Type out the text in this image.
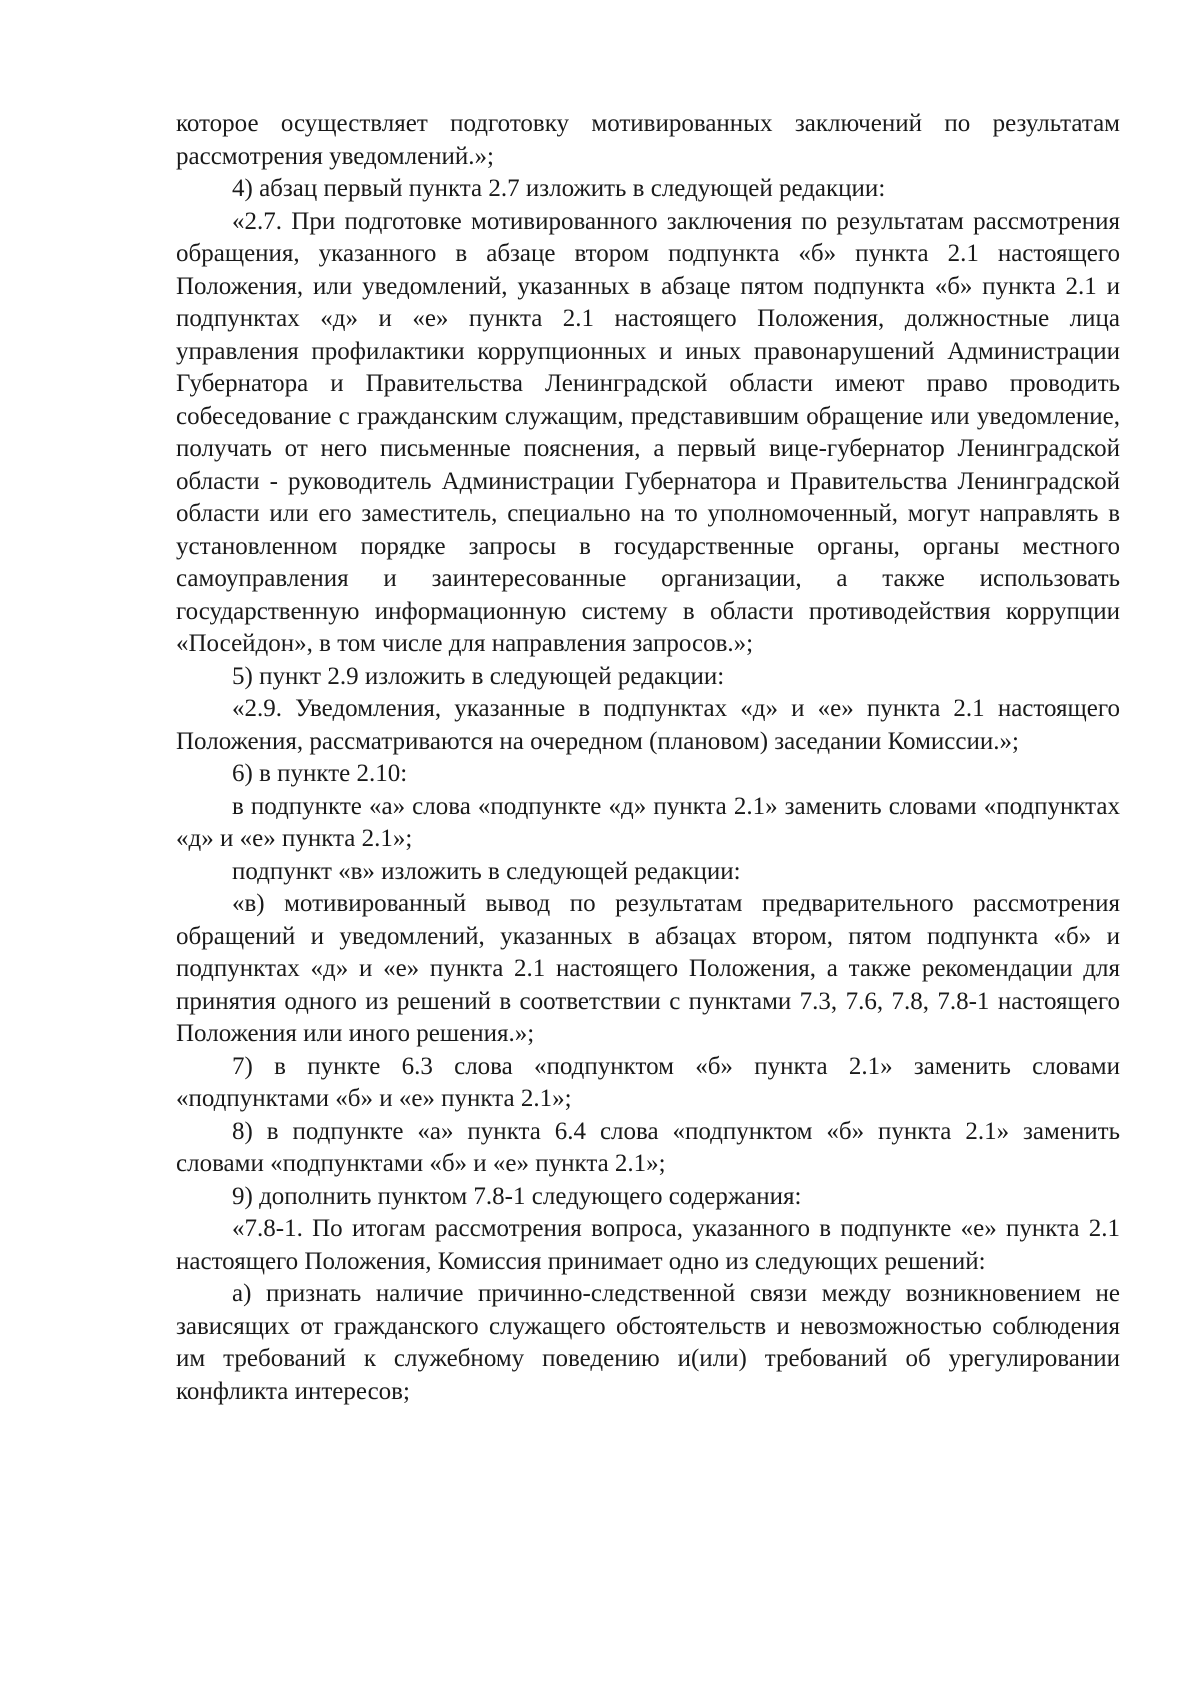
которое осуществляет подготовку мотивированных заключений по результатам рассмотрения уведомлений.»;

4) абзац первый пункта 2.7 изложить в следующей редакции:

«2.7. При подготовке мотивированного заключения по результатам рассмотрения обращения, указанного в абзаце втором подпункта «б» пункта 2.1 настоящего Положения, или уведомлений, указанных в абзаце пятом подпункта «б» пункта 2.1 и подпунктах «д» и «е» пункта 2.1 настоящего Положения, должностные лица управления профилактики коррупционных и иных правонарушений Администрации Губернатора и Правительства Ленинградской области имеют право проводить собеседование с гражданским служащим, представившим обращение или уведомление, получать от него письменные пояснения, а первый вице-губернатор Ленинградской области - руководитель Администрации Губернатора и Правительства Ленинградской области или его заместитель, специально на то уполномоченный, могут направлять в установленном порядке запросы в государственные органы, органы местного самоуправления и заинтересованные организации, а также использовать государственную информационную систему в области противодействия коррупции «Посейдон», в том числе для направления запросов.»;

5) пункт 2.9 изложить в следующей редакции:

«2.9. Уведомления, указанные в подпунктах «д» и «е» пункта 2.1 настоящего Положения, рассматриваются на очередном (плановом) заседании Комиссии.»;

6) в пункте 2.10:

в подпункте «а» слова «подпункте «д» пункта 2.1» заменить словами «подпунктах «д» и «е» пункта 2.1»;

подпункт «в» изложить в следующей редакции:

«в) мотивированный вывод по результатам предварительного рассмотрения обращений и уведомлений, указанных в абзацах втором, пятом подпункта «б» и подпунктах «д» и «е» пункта 2.1 настоящего Положения, а также рекомендации для принятия одного из решений в соответствии с пунктами 7.3, 7.6, 7.8, 7.8-1 настоящего Положения или иного решения.»;

7) в пункте 6.3 слова «подпунктом «б» пункта 2.1» заменить словами «подпунктами «б» и «е» пункта 2.1»;

8) в подпункте «а» пункта 6.4 слова «подпунктом «б» пункта 2.1» заменить словами «подпунктами «б» и «е» пункта 2.1»;

9) дополнить пунктом 7.8-1 следующего содержания:

«7.8-1. По итогам рассмотрения вопроса, указанного в подпункте «е» пункта 2.1 настоящего Положения, Комиссия принимает одно из следующих решений:

а) признать наличие причинно-следственной связи между возникновением не зависящих от гражданского служащего обстоятельств и невозможностью соблюдения им требований к служебному поведению и(или) требований об урегулировании конфликта интересов;
